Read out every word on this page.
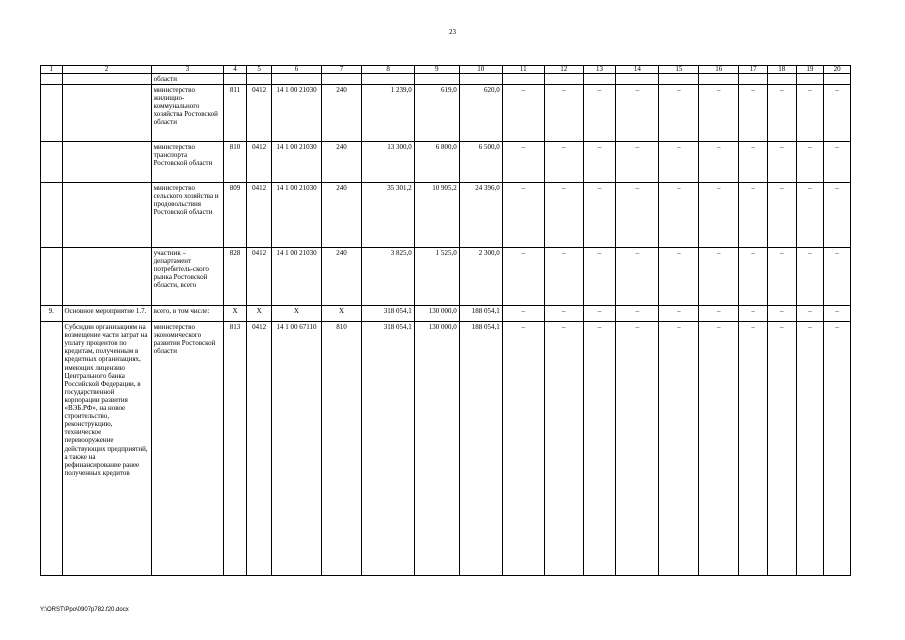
23
1	2	3	4	5	6	7	8	9	10	11	12	13	14	15	16	17	18	19	20
		области																	
		министерство жилищно-коммунального хозяйства Ростовской области	811	0412	14 1 00 21030	240	1 239,0	619,0	620,0	–	–	–	–	–	–	–	–	–	–
		министерство транспорта Ростовской области	810	0412	14 1 00 21030	240	13 300,0	6 800,0	6 500,0	–	–	–	–	–	–	–	–	–	–
		министерство сельского хозяйства и продовольствия Ростовской области	809	0412	14 1 00 21030	240	35 301,2	10 905,2	24 396,0	–	–	–	–	–	–	–	–	–	–
		участник – департамент потребитель-ского рынка Ростовской области, всего	828	0412	14 1 00 21030	240	3 825,0	1 525,0	2 300,0	–	–	–	–	–	–	–	–	–	–
9.	Основное мероприятие 1.7.	всего, в том числе:	X	X	X	X	318 054,1	130 000,0	188 054,1	–	–	–	–	–	–	–	–	–	–
	Субсидии организациям на возмещение части затрат на уплату процентов по кредитам, полученным в кредитных организациях, имеющих лицензию Центрального банка Российской Федерации, в государственной корпорации развития «ВЭБ.РФ», на новое строительство, реконструкцию, техническое перевооружение действующих предприятий, а также на рефинансирование ранее полученных кредитов	министерство экономического развития Ростовской области	813	0412	14 1 00 67110	810	318 054,1	130 000,0	188 054,1	–	–	–	–	–	–	–	–	–	–
Y:\ORST\Ppo\0907p782.f20.docx
